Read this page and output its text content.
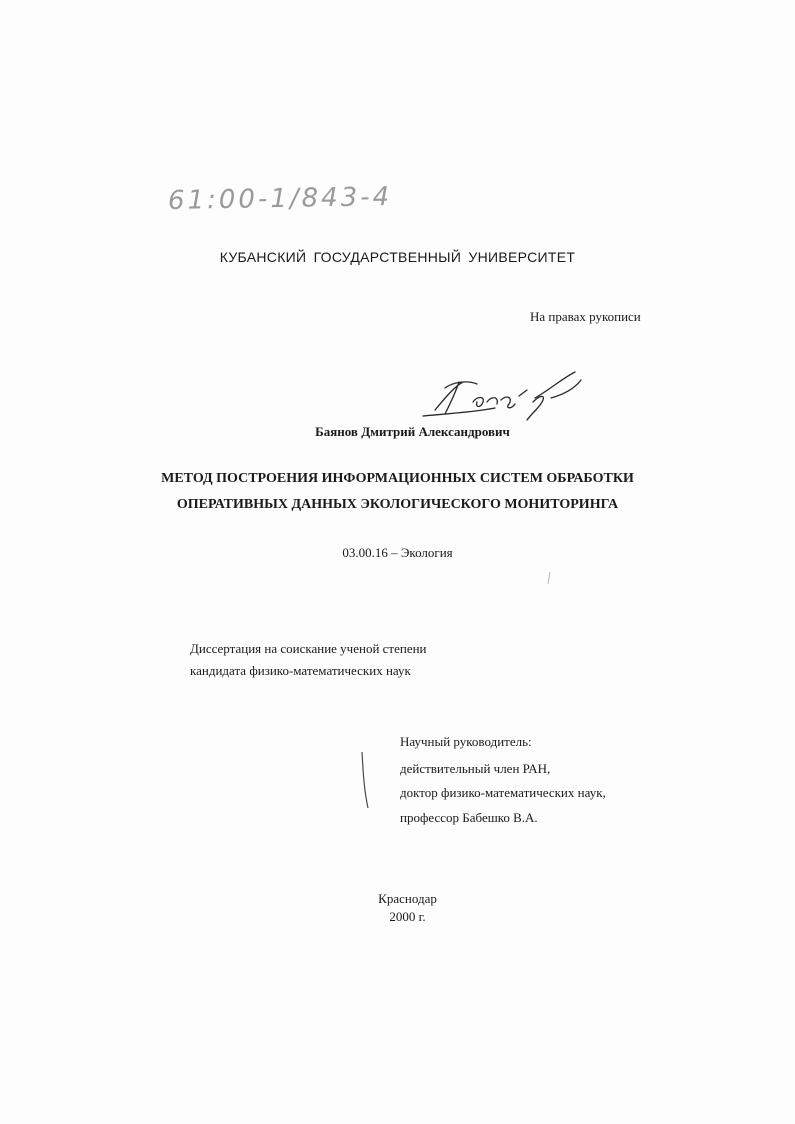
61:00-1/843-4
КУБАНСКИЙ ГОСУДАРСТВЕННЫЙ УНИВЕРСИТЕТ
На правах рукописи
Баянов Дмитрий Александрович
МЕТОД ПОСТРОЕНИЯ ИНФОРМАЦИОННЫХ СИСТЕМ ОБРАБОТКИ
ОПЕРАТИВНЫХ ДАННЫХ ЭКОЛОГИЧЕСКОГО МОНИТОРИНГА
03.00.16 – Экология
Диссертация на соискание ученой степени
кандидата физико-математических наук
Научный руководитель:
действительный член РАН,
доктор физико-математических наук,
профессор Бабешко В.А.
Краснодар
2000 г.
